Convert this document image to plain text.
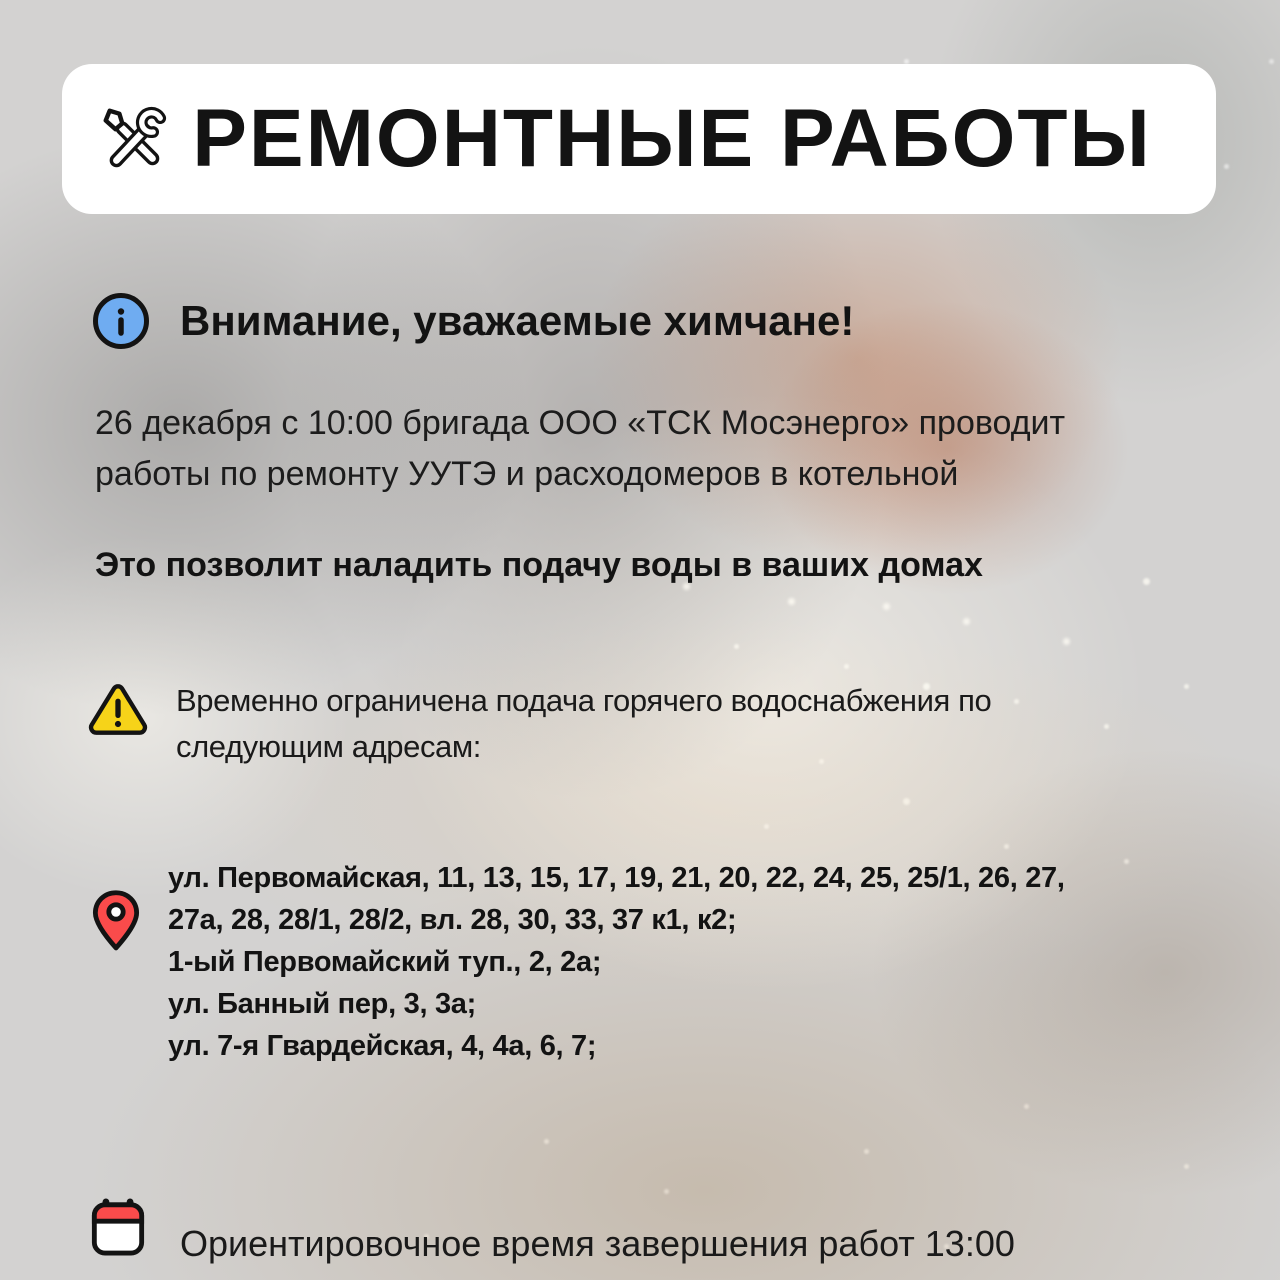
РЕМОНТНЫЕ РАБОТЫ
Внимание, уважаемые химчане!

26 декабря с 10:00 бригада ООО «ТСК Мосэнерго» проводит работы по ремонту УУТЭ и расходомеров в котельной

Это позволит наладить подачу воды в ваших домах

Временно ограничена подача горячего водоснабжения по следующим адресам:

ул. Первомайская, 11, 13, 15, 17, 19, 21, 20, 22, 24, 25, 25/1, 26, 27, 27а, 28, 28/1, 28/2, вл. 28, 30, 33, 37 к1, к2;
1-ый Первомайский туп., 2, 2а;
ул. Банный пер, 3, 3а;
ул. 7-я Гвардейская, 4, 4а, 6, 7;

Ориентировочное время завершения работ 13:00
